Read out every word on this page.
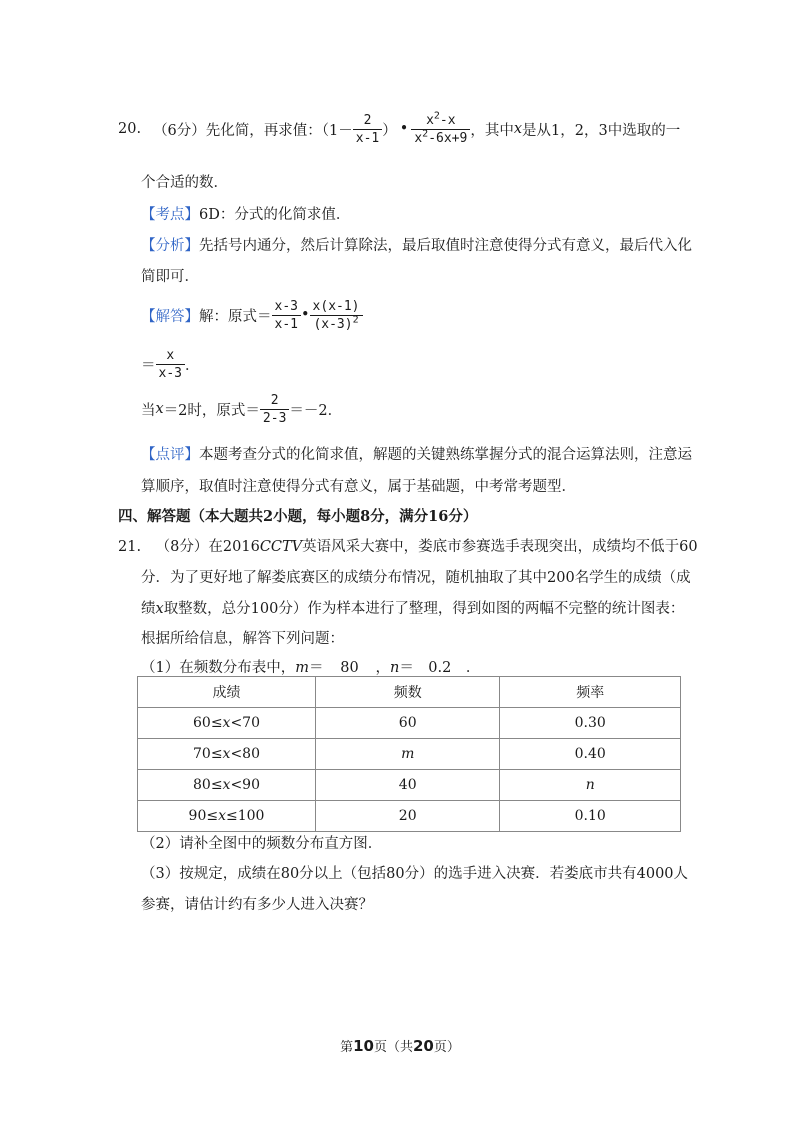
20. （6分） 先化简，再求值：（$1- \frac{2}{x-1}$ ） • $\frac{x^2-x}{x^2-6x+9}$ ，其中 x 是从1，2，3中选取的一
个合适的数．
【考点】6D：分式的化简求值．
【分析】先括号内通分，然后计算除法，最后取值时注意使得分式有意义，最后代入化
简即可．
【解答】 解：原式＝ $\frac{x-3}{x-1}$ • $\frac{x(x-1)}{(x-3)^2}$
＝ $\frac{x}{x-3}$ ．
当 x ＝2时，原式＝ $\frac{2}{2-3} =-2$．
【点评】本题考查分式的化简求值，解题的关键熟练掌握分式的混合运算法则，注意运
算顺序，取值时注意使得分式有意义，属于基础题，中考常考题型．
四、解答题（本大题共2小题，每小题8分，满分16分）
21. （8分）在2016CCTV英语风采大赛中，娄底市参赛选手表现突出，成绩均不低于60
分．为了更好地了解娄底赛区的成绩分布情况，随机抽取了其中200名学生的成绩（成
绩x取整数，总分100分）作为样本进行了整理，得到如图的两幅不完整的统计图表：
根据所给信息，解答下列问题：
（1）在频数分布表中，m＝ 80 ，n＝ 0.2 ．
成绩	频数	频率
60≤x<70	60	0.30
70≤x<80	m	0.40
80≤x<90	40	n
90≤x≤100	20	0.10
（2）请补全图中的频数分布直方图．
（3）按规定，成绩在80分以上（包括80分）的选手进入决赛．若娄底市共有4000人
参赛，请估计约有多少人进入决赛？
第10页（共20页）
